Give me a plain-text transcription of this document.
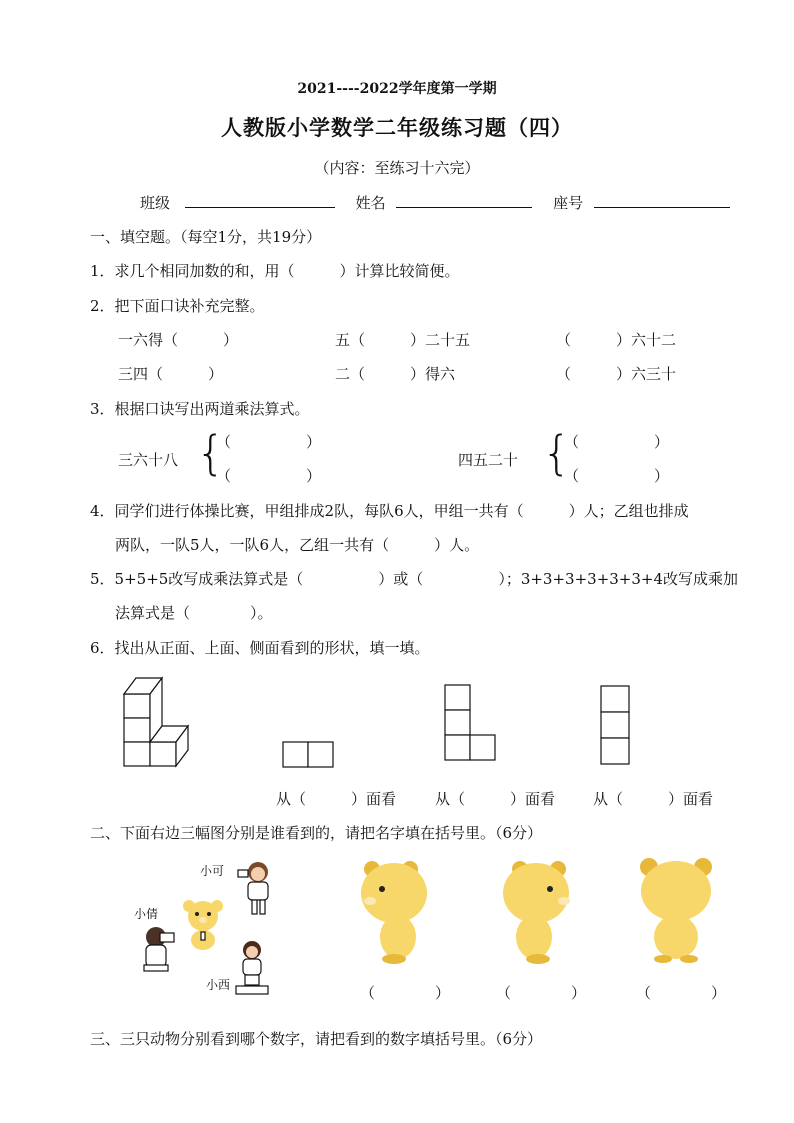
2021----2022学年度第一学期
人教版小学数学二年级练习题（四）
（内容：至练习十六完）
班级	姓名	座号
一、填空题。（每空1分，共19分）
1．求几个相同加数的和，用（　　　）计算比较简便。
2．把下面口诀补充完整。
一六得（　　　）	五（　　　）二十五	（　　　）六十二
三四（　　　）	二（　　　）得六	（　　　）六三十
3．根据口诀写出两道乘法算式。
三六十八 {
（　　　　　）
（　　　　　）
四五二十 {
（　　　　　）
（　　　　　）
4．同学们进行体操比赛，甲组排成2队，每队6人，甲组一共有（　　　）人；乙组也排成
两队，一队5人，一队6人，乙组一共有（　　　）人。
5．5+5+5改写成乘法算式是（　　　　　）或（　　　　　）；3+3+3+3+3+3+4改写成乘加
法算式是（　　　　）。
6．找出从正面、上面、侧面看到的形状，填一填。
从（　　　）面看	从（　　　）面看	从（　　　）面看
二、下面右边三幅图分别是谁看到的，请把名字填在括号里。（6分）
小可
小倩
小西	（　　　　）	（　　　　）	（　　　　）
三、三只动物分别看到哪个数字，请把看到的数字填括号里。（6分）
